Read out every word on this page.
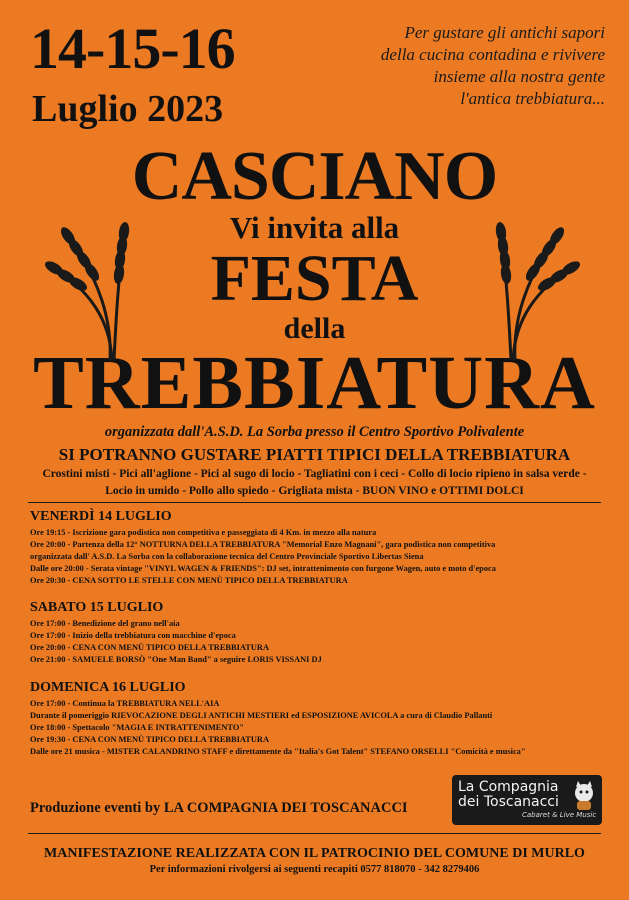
14-15-16
Luglio 2023
Per gustare gli antichi sapori
della cucina contadina e rivivere
insieme alla nostra gente
l'antica trebbiatura...
CASCIANO
Vi invita alla
FESTA
della
TREBBIATURA
organizzata dall'A.S.D. La Sorba presso il Centro Sportivo Polivalente
SI POTRANNO GUSTARE PIATTI TIPICI DELLA TREBBIATURA
Crostini misti - Pici all'aglione - Pici al sugo di locio - Tagliatini con i ceci - Collo di locio ripieno in salsa verde -
Locio in umido - Pollo allo spiedo - Grigliata mista - BUON VINO e OTTIMI DOLCI
VENERDÌ 14 LUGLIO
Ore 19:15 - Iscrizione gara podistica non competitiva e passeggiata di 4 Km. in mezzo alla natura
Ore 20:00 - Partenza della 12° NOTTURNA DELLA TREBBIATURA "Memorial Enzo Magnani", gara podistica non competitiva
organizzata dall' A.S.D. La Sorba con la collaborazione tecnica del Centro Provinciale Sportivo Libertas Siena
Dalle ore 20:00 - Serata vintage "VINYL WAGEN & FRIENDS": DJ set, intrattenimento con furgone Wagen, auto e moto d'epoca
Ore 20:30 - CENA SOTTO LE STELLE CON MENÙ TIPICO DELLA TREBBIATURA
SABATO 15 LUGLIO
Ore 17:00 - Benedizione del grano nell'aia
Ore 17:00 - Inizio della trebbiatura con macchine d'epoca
Ore 20:00 - CENA CON MENÙ TIPICO DELLA TREBBIATURA
Ore 21:00 - SAMUELE BORSÒ "One Man Band" a seguire LORIS VISSANI DJ
DOMENICA 16 LUGLIO
Ore 17:00 - Continua la TREBBIATURA NELL'AIA
Durante il pomeriggio RIEVOCAZIONE DEGLI ANTICHI MESTIERI ed ESPOSIZIONE AVICOLA a cura di Claudio Pallanti
Ore 18:00 - Spettacolo "MAGIA E INTRATTENIMENTO"
Ore 19:30 - CENA CON MENÙ TIPICO DELLA TREBBIATURA
Dalle ore 21 musica - MISTER CALANDRINO STAFF e direttamente da "Italia's Got Talent" STEFANO ORSELLI "Comicità e musica"
Produzione eventi by LA COMPAGNIA DEI TOSCANACCI
La Compagnia
dei Toscanacci
Cabaret & Live Music
MANIFESTAZIONE REALIZZATA CON IL PATROCINIO DEL COMUNE DI MURLO
Per informazioni rivolgersi ai seguenti recapiti 0577 818070 - 342 8279406
